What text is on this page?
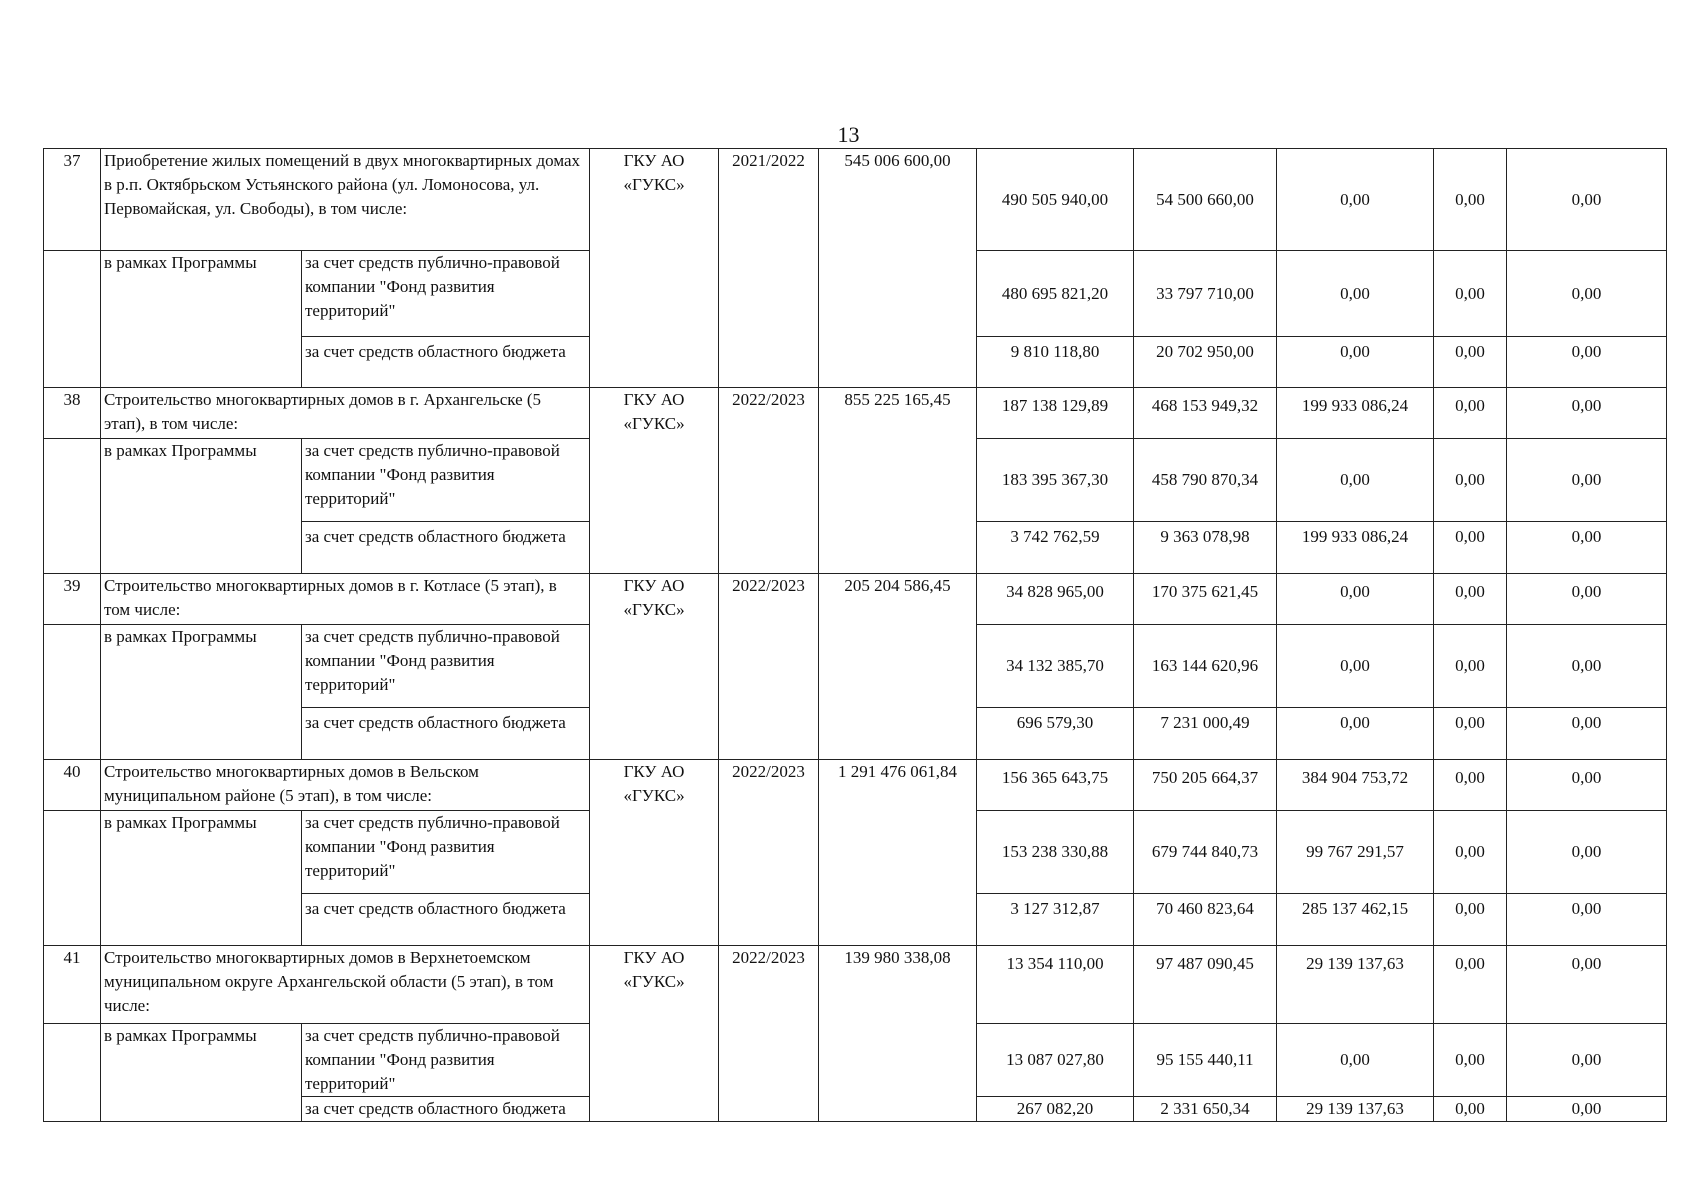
13
37	Приобретение жилых помещений в двух многоквартирных домах в р.п. Октябрьском Устьянского района (ул. Ломоносова, ул. Первомайская, ул. Свободы), в том числе:		ГКУ АО «ГУКС»	2021/2022	545 006 600,00	490 505 940,00	54 500 660,00	0,00	0,00	0,00
	в рамках Программы	за счет средств публично-правовой компании "Фонд развития территорий"				480 695 821,20	33 797 710,00	0,00	0,00	0,00
		за счет средств областного бюджета				9 810 118,80	20 702 950,00	0,00	0,00	0,00
38	Строительство многоквартирных домов в г. Архангельске (5 этап), в том числе:		ГКУ АО «ГУКС»	2022/2023	855 225 165,45	187 138 129,89	468 153 949,32	199 933 086,24	0,00	0,00
	в рамках Программы	за счет средств публично-правовой компании "Фонд развития территорий"				183 395 367,30	458 790 870,34	0,00	0,00	0,00
		за счет средств областного бюджета				3 742 762,59	9 363 078,98	199 933 086,24	0,00	0,00
39	Строительство многоквартирных домов в г. Котласе (5 этап), в том числе:		ГКУ АО «ГУКС»	2022/2023	205 204 586,45	34 828 965,00	170 375 621,45	0,00	0,00	0,00
	в рамках Программы	за счет средств публично-правовой компании "Фонд развития территорий"				34 132 385,70	163 144 620,96	0,00	0,00	0,00
		за счет средств областного бюджета				696 579,30	7 231 000,49	0,00	0,00	0,00
40	Строительство многоквартирных домов в Вельском муниципальном районе (5 этап), в том числе:		ГКУ АО «ГУКС»	2022/2023	1 291 476 061,84	156 365 643,75	750 205 664,37	384 904 753,72	0,00	0,00
	в рамках Программы	за счет средств публично-правовой компании "Фонд развития территорий"				153 238 330,88	679 744 840,73	99 767 291,57	0,00	0,00
		за счет средств областного бюджета				3 127 312,87	70 460 823,64	285 137 462,15	0,00	0,00
41	Строительство многоквартирных домов в Верхнетоемском муниципальном округе Архангельской области (5 этап), в том числе:		ГКУ АО «ГУКС»	2022/2023	139 980 338,08	13 354 110,00	97 487 090,45	29 139 137,63	0,00	0,00
	в рамках Программы	за счет средств публично-правовой компании "Фонд развития территорий"				13 087 027,80	95 155 440,11	0,00	0,00	0,00
		за счет средств областного бюджета				267 082,20	2 331 650,34	29 139 137,63	0,00	0,00
